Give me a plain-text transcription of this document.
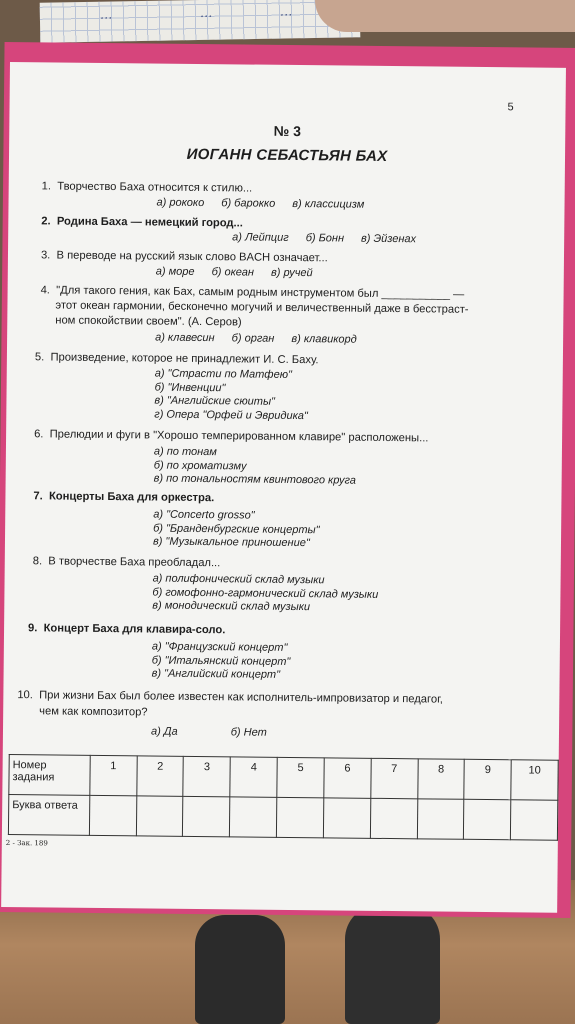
...	...	...
5
№ 3
ИОГАНН СЕБАСТЬЯН БАХ
1. Творчество Баха относится к стилю...
а) рококо б) барокко в) классицизм
2. Родина Баха — немецкий город...
а) Лейпциг б) Бонн в) Эйзенах
3. В переводе на русский язык слово BACH означает...
а) море б) океан в) ручей
4. "Для такого гения, как Бах, самым родным инструментом был ___________ —
этот океан гармонии, бесконечно могучий и величественный даже в бесстраст-
ном спокойствии своем". (А. Серов)
а) клавесин б) орган в) клавикорд
5. Произведение, которое не принадлежит И. С. Баху.
а) "Страсти по Матфею"
б) "Инвенции"
в) "Английские сюиты"
г) Опера "Орфей и Эвридика"
6. Прелюдии и фуги в "Хорошо темперированном клавире" расположены...
а) по тонам
б) по хроматизму
в) по тональностям квинтового круга
7. Концерты Баха для оркестра.
а) "Concerto grosso"
б) "Бранденбургские концерты"
в) "Музыкальное приношение"
8. В творчестве Баха преобладал...
а) полифонический склад музыки
б) гомофонно-гармонический склад музыки
в) монодический склад музыки
9. Концерт Баха для клавира-соло.
а) "Французский концерт"
б) "Итальянский концерт"
в) "Английский концерт"
10. При жизни Бах был более известен как исполнитель-импровизатор и педагог,
чем как композитор?
а) Да	б) Нет
Номер задания	1	2	3	4	5	6	7	8	9	10
Буква ответа										
2 - Зак. 189
